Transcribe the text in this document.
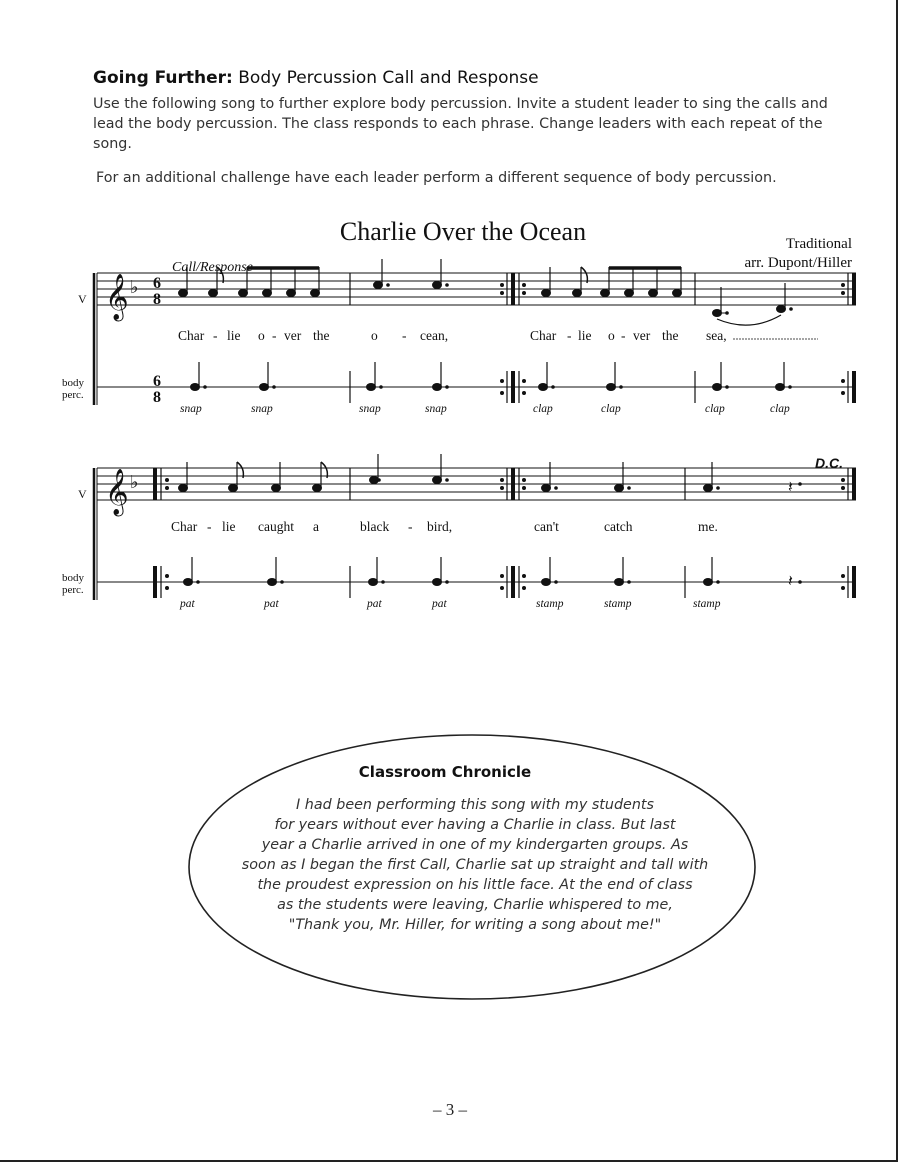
Going Further: Body Percussion Call and Response
Use the following song to further explore body percussion. Invite a student leader to sing the calls and lead the body percussion. The class responds to each phrase. Change leaders with each repeat of the song.
For an additional challenge have each leader perform a different sequence of body percussion.
Charlie Over the Ocean	Traditional
arr. Dupont/Hiller
Call/Response
V 𝄞 ♭ 6
8
Char - lie o - ver the	o - cean,	Char - lie o - ver the sea,
body
perc.
6
8
snap	snap	snap	snap	clap	clap	clap	clap
D.C.
V 𝄞 ♭	𝄽
Char - lie caught a	black - bird,	can't	catch	me.
body
perc.	𝄽
pat	pat	pat	pat	stamp	stamp	stamp
Classroom Chronicle
I had been performing this song with my students
for years without ever having a Charlie in class. But last
year a Charlie arrived in one of my kindergarten groups. As
soon as I began the first Call, Charlie sat up straight and tall with
the proudest expression on his little face. At the end of class
as the students were leaving, Charlie whispered to me,
"Thank you, Mr. Hiller, for writing a song about me!"
– 3 –
